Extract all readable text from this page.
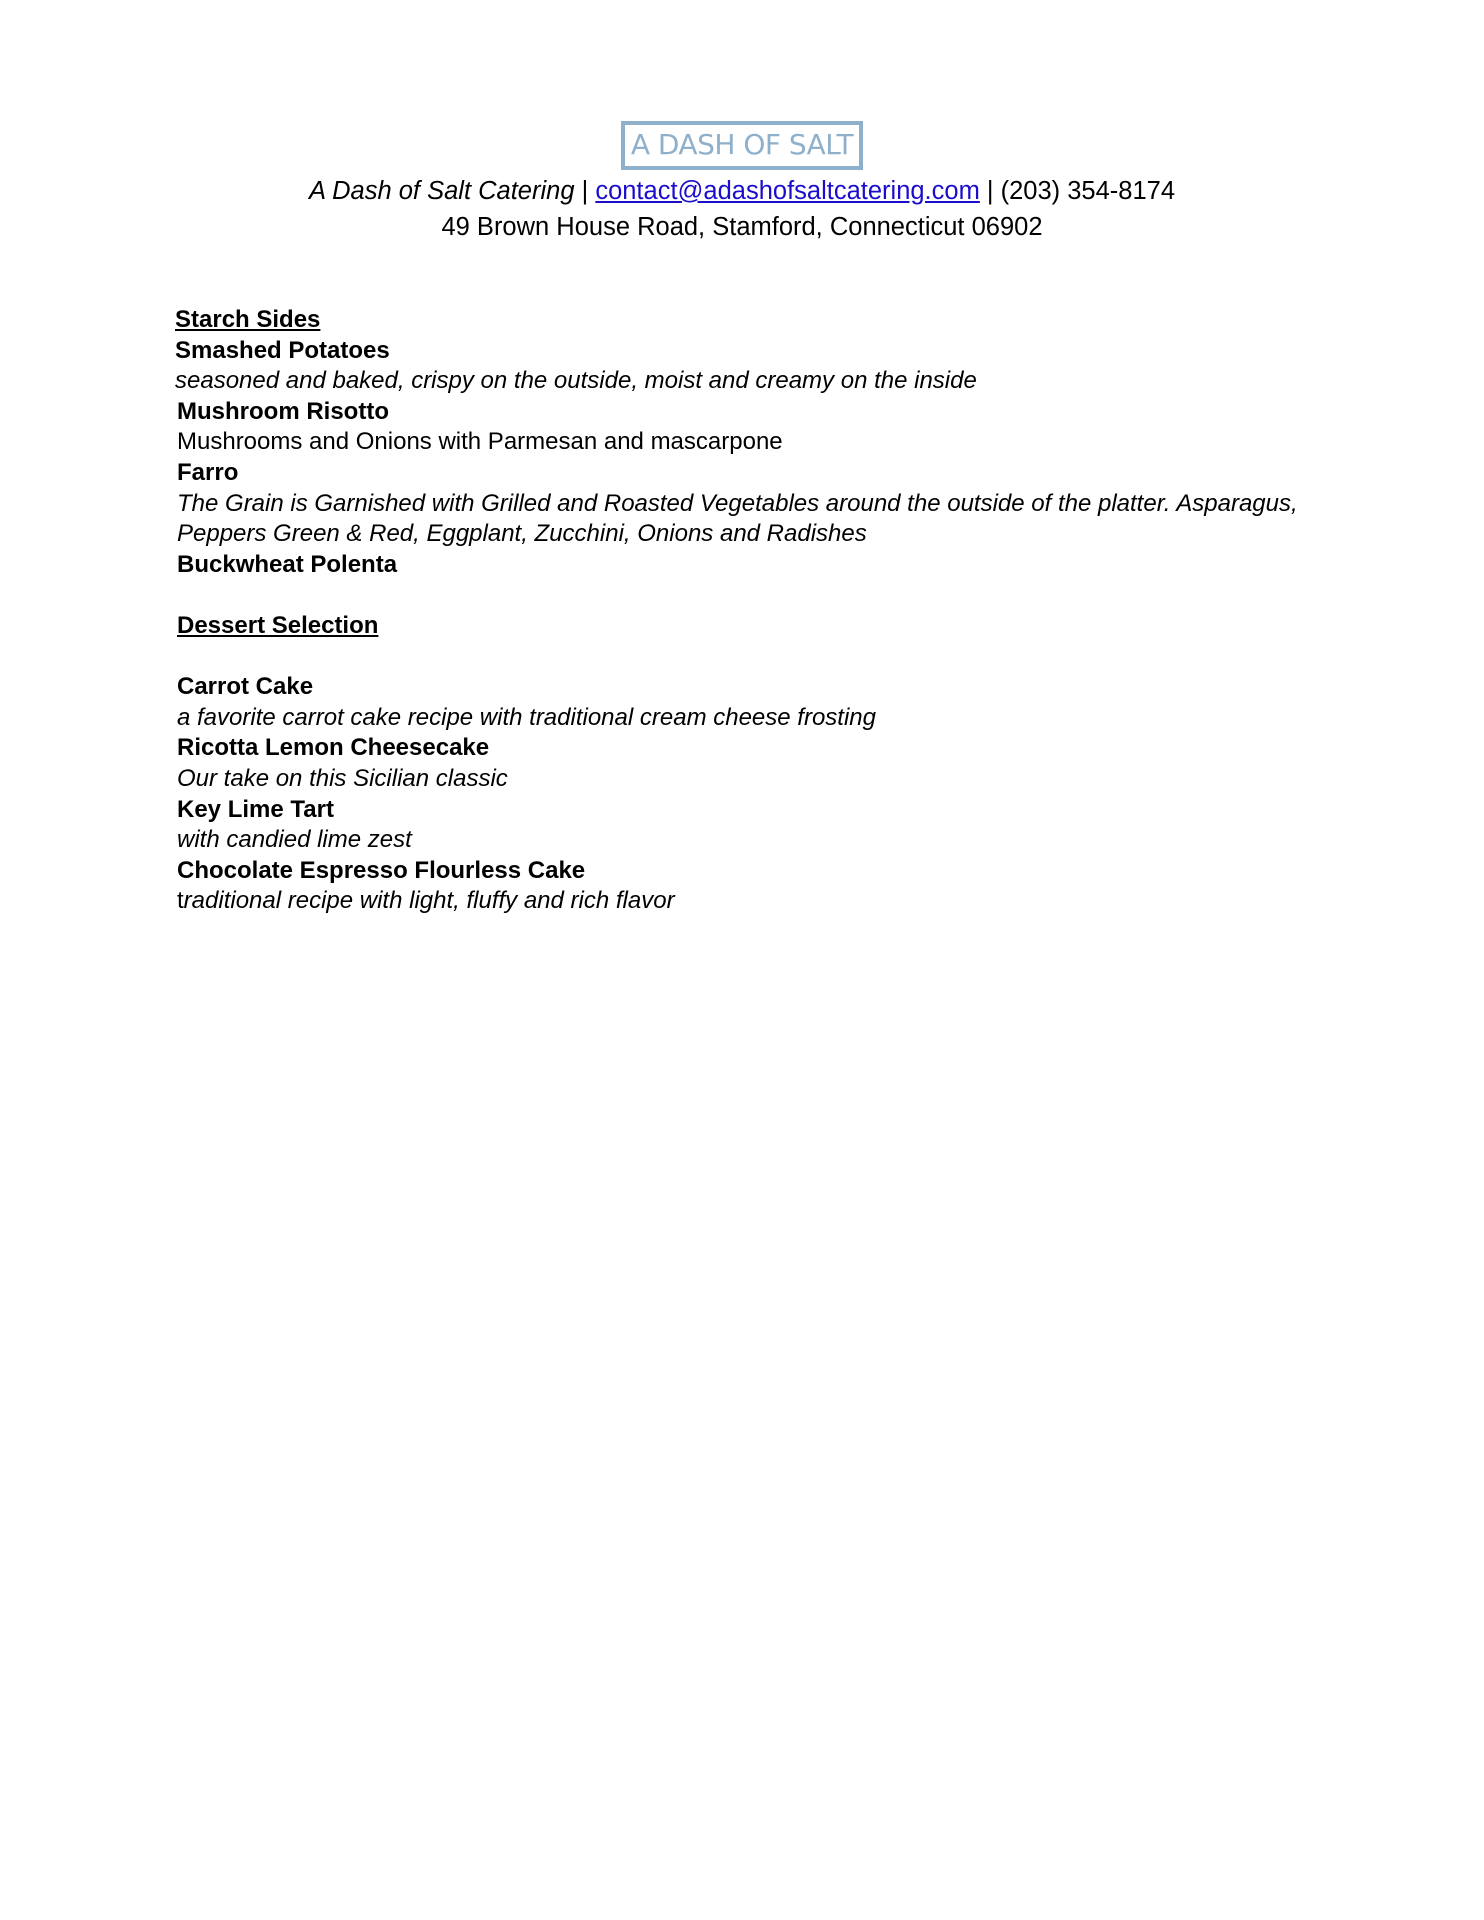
A DASH OF SALT
A Dash of Salt Catering | contact@adashofsaltcatering.com | (203) 354-8174
49 Brown House Road, Stamford, Connecticut 06902
Starch Sides
Smashed Potatoes
seasoned and baked, crispy on the outside, moist and creamy on the inside
Mushroom Risotto
Mushrooms and Onions with Parmesan and mascarpone
Farro
The Grain is Garnished with Grilled and Roasted Vegetables around the outside of the platter. Asparagus, Peppers Green & Red, Eggplant, Zucchini, Onions and Radishes
Buckwheat Polenta
Dessert Selection
Carrot Cake
a favorite carrot cake recipe with traditional cream cheese frosting
Ricotta Lemon Cheesecake
Our take on this Sicilian classic
Key Lime Tart
with candied lime zest
Chocolate Espresso Flourless Cake
traditional recipe with light, fluffy and rich flavor
